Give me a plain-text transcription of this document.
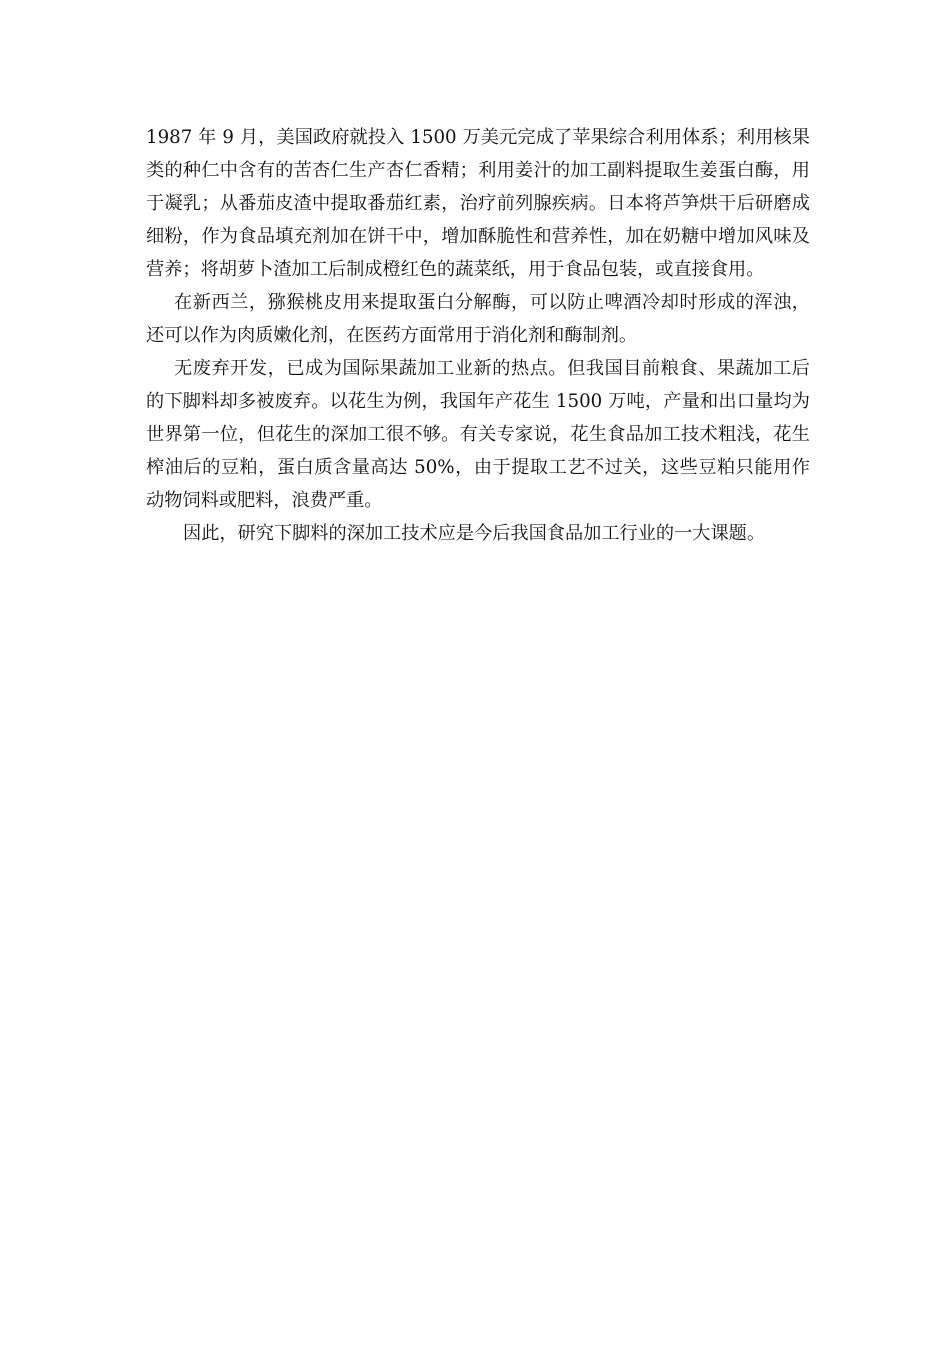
1987 年 9 月，美国政府就投入 1500 万美元完成了苹果综合利用体系；利用核果类的种仁中含有的苦杏仁生产杏仁香精；利用姜汁的加工副料提取生姜蛋白酶，用于凝乳；从番茄皮渣中提取番茄红素，治疗前列腺疾病。日本将芦笋烘干后研磨成细粉，作为食品填充剂加在饼干中，增加酥脆性和营养性，加在奶糖中增加风味及营养；将胡萝卜渣加工后制成橙红色的蔬菜纸，用于食品包装，或直接食用。

在新西兰，猕猴桃皮用来提取蛋白分解酶，可以防止啤酒冷却时形成的浑浊，还可以作为肉质嫩化剂，在医药方面常用于消化剂和酶制剂。

无废弃开发，已成为国际果蔬加工业新的热点。但我国目前粮食、果蔬加工后的下脚料却多被废弃。以花生为例，我国年产花生 1500 万吨，产量和出口量均为世界第一位，但花生的深加工很不够。有关专家说，花生食品加工技术粗浅，花生榨油后的豆粕，蛋白质含量高达 50%，由于提取工艺不过关，这些豆粕只能用作动物饲料或肥料，浪费严重。

因此，研究下脚料的深加工技术应是今后我国食品加工行业的一大课题。
